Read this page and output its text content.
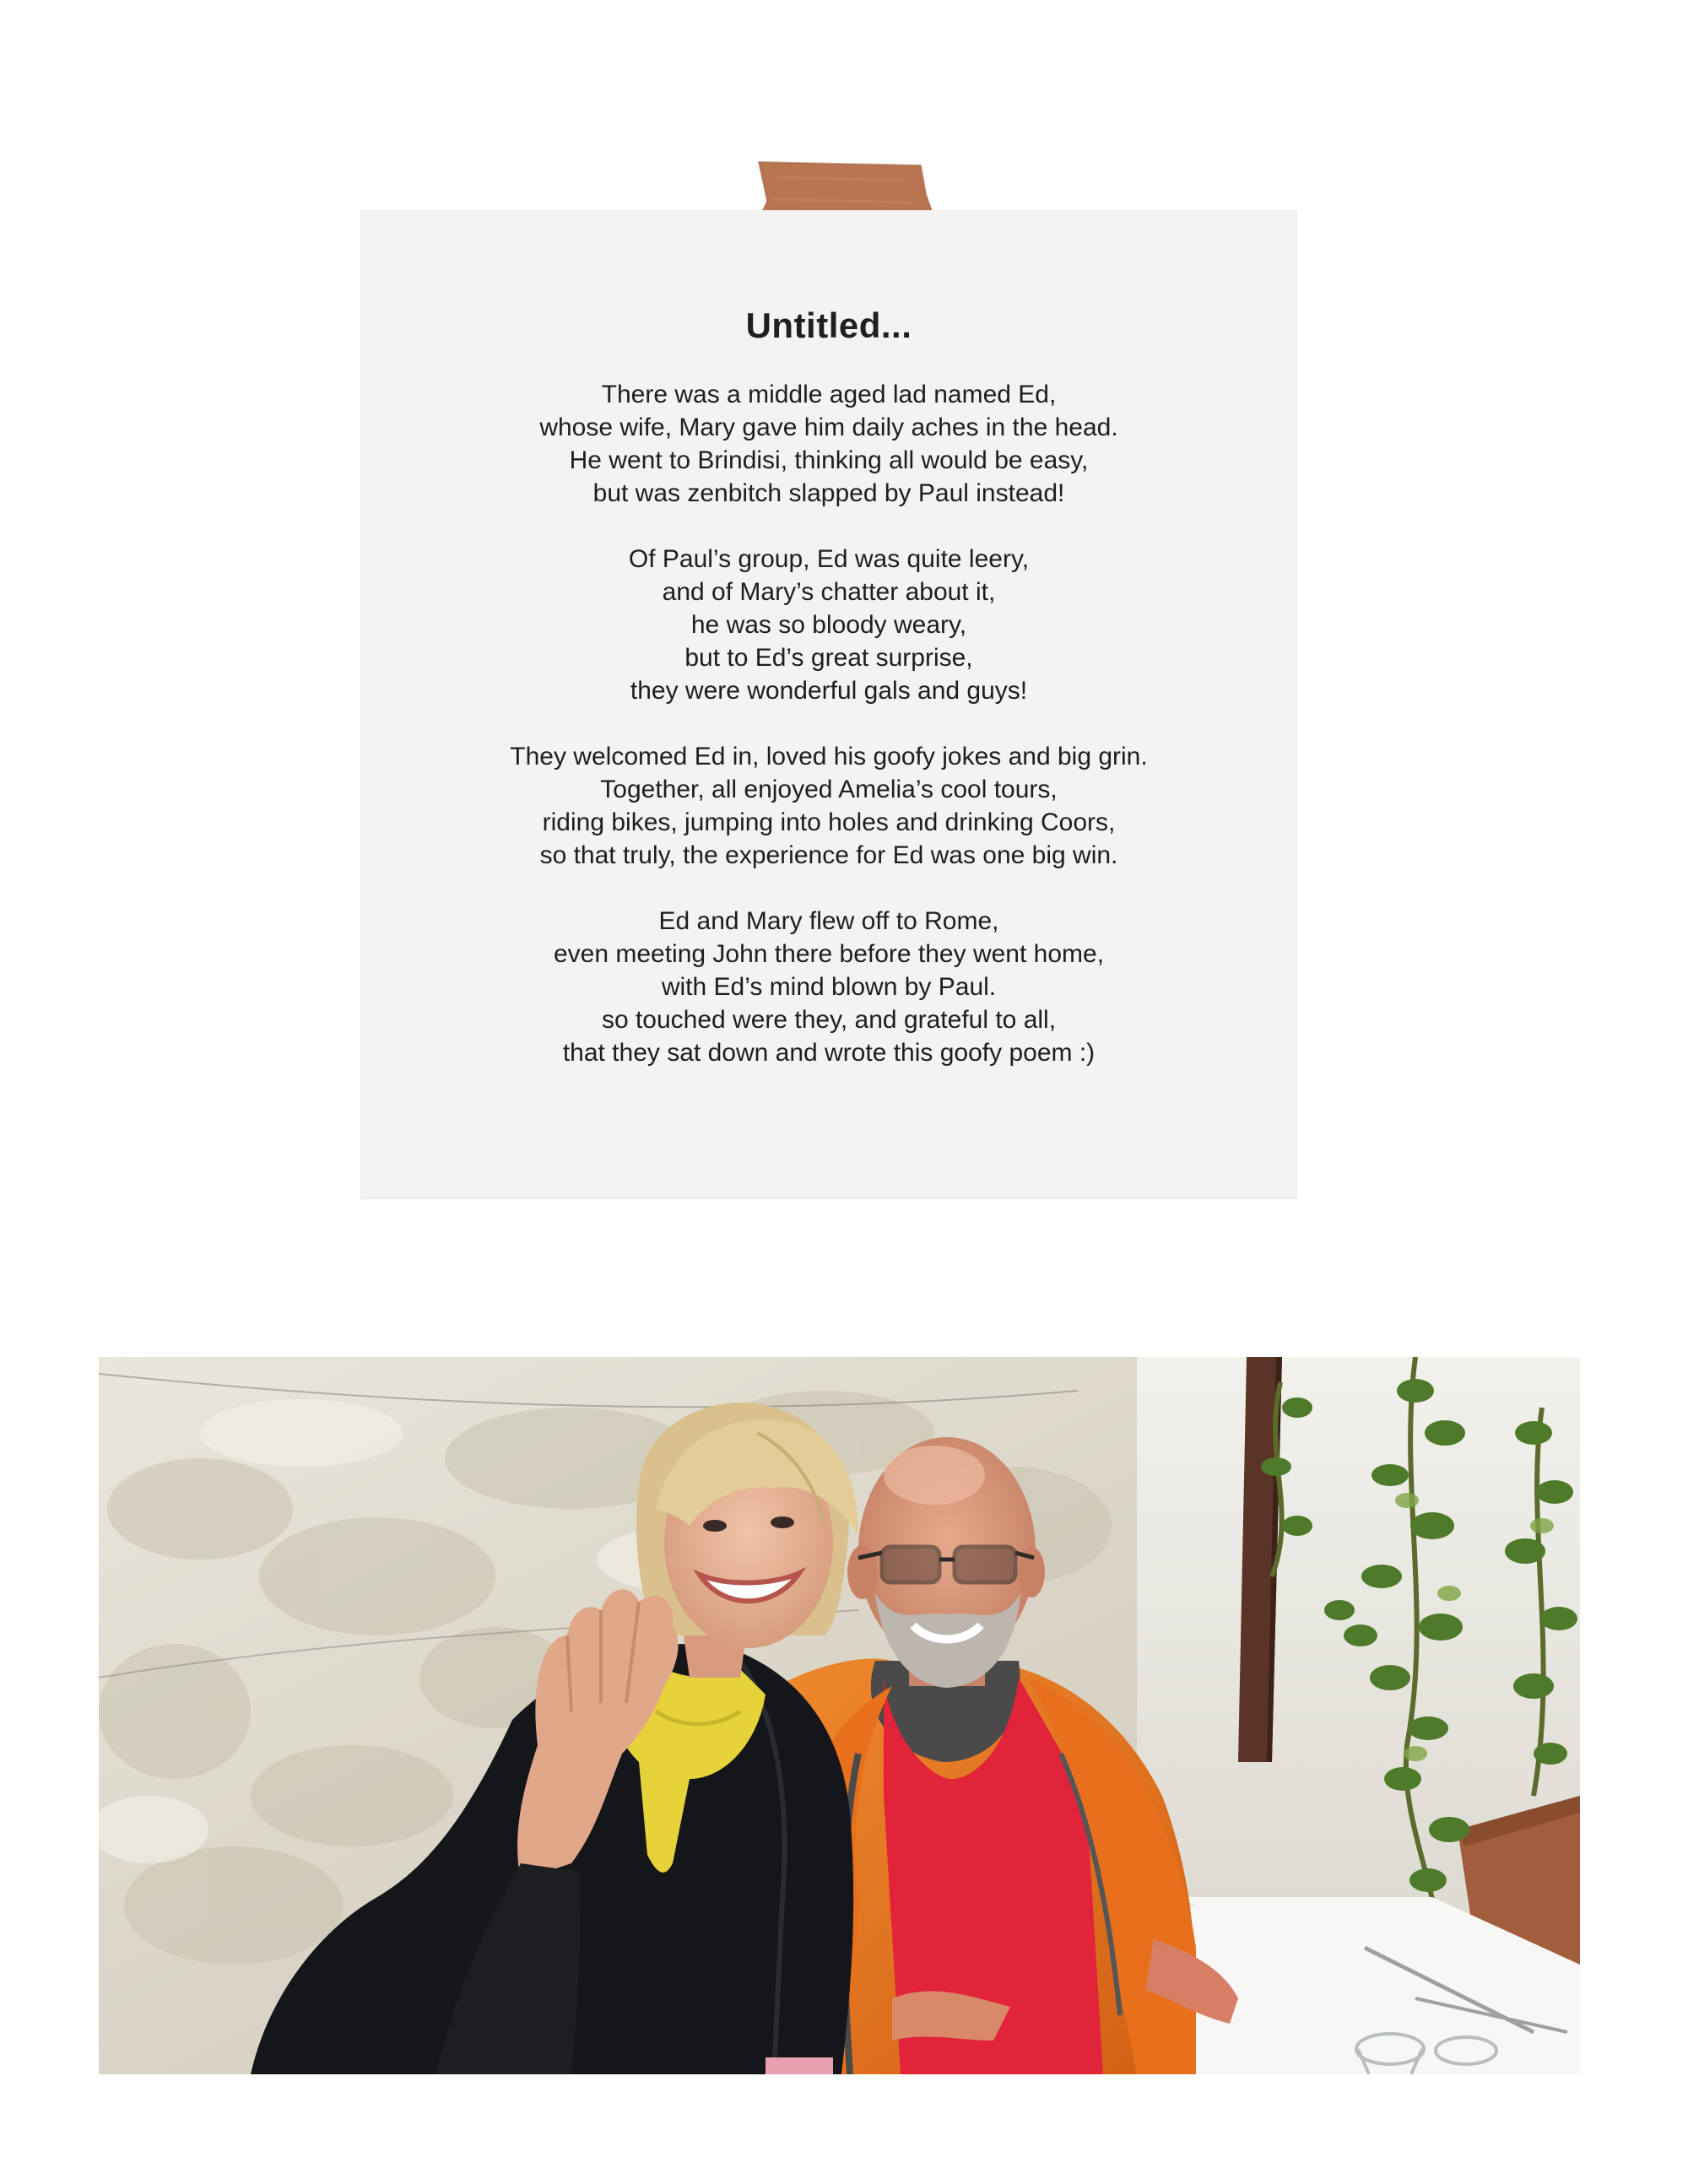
Untitled...
There was a middle aged lad named Ed,
whose wife, Mary gave him daily aches in the head.
He went to Brindisi, thinking all would be easy,
but was zenbitch slapped by Paul instead!
Of Paul’s group, Ed was quite leery,
and of Mary’s chatter about it,
he was so bloody weary,
but to Ed’s great surprise,
they were wonderful gals and guys!
They welcomed Ed in, loved his goofy jokes and big grin.
Together, all enjoyed Amelia’s cool tours,
riding bikes, jumping into holes and drinking Coors,
so that truly, the experience for Ed was one big win.
Ed and Mary flew off to Rome,
even meeting John there before they went home,
with Ed’s mind blown by Paul.
so touched were they, and grateful to all,
that they sat down and wrote this goofy poem :)
